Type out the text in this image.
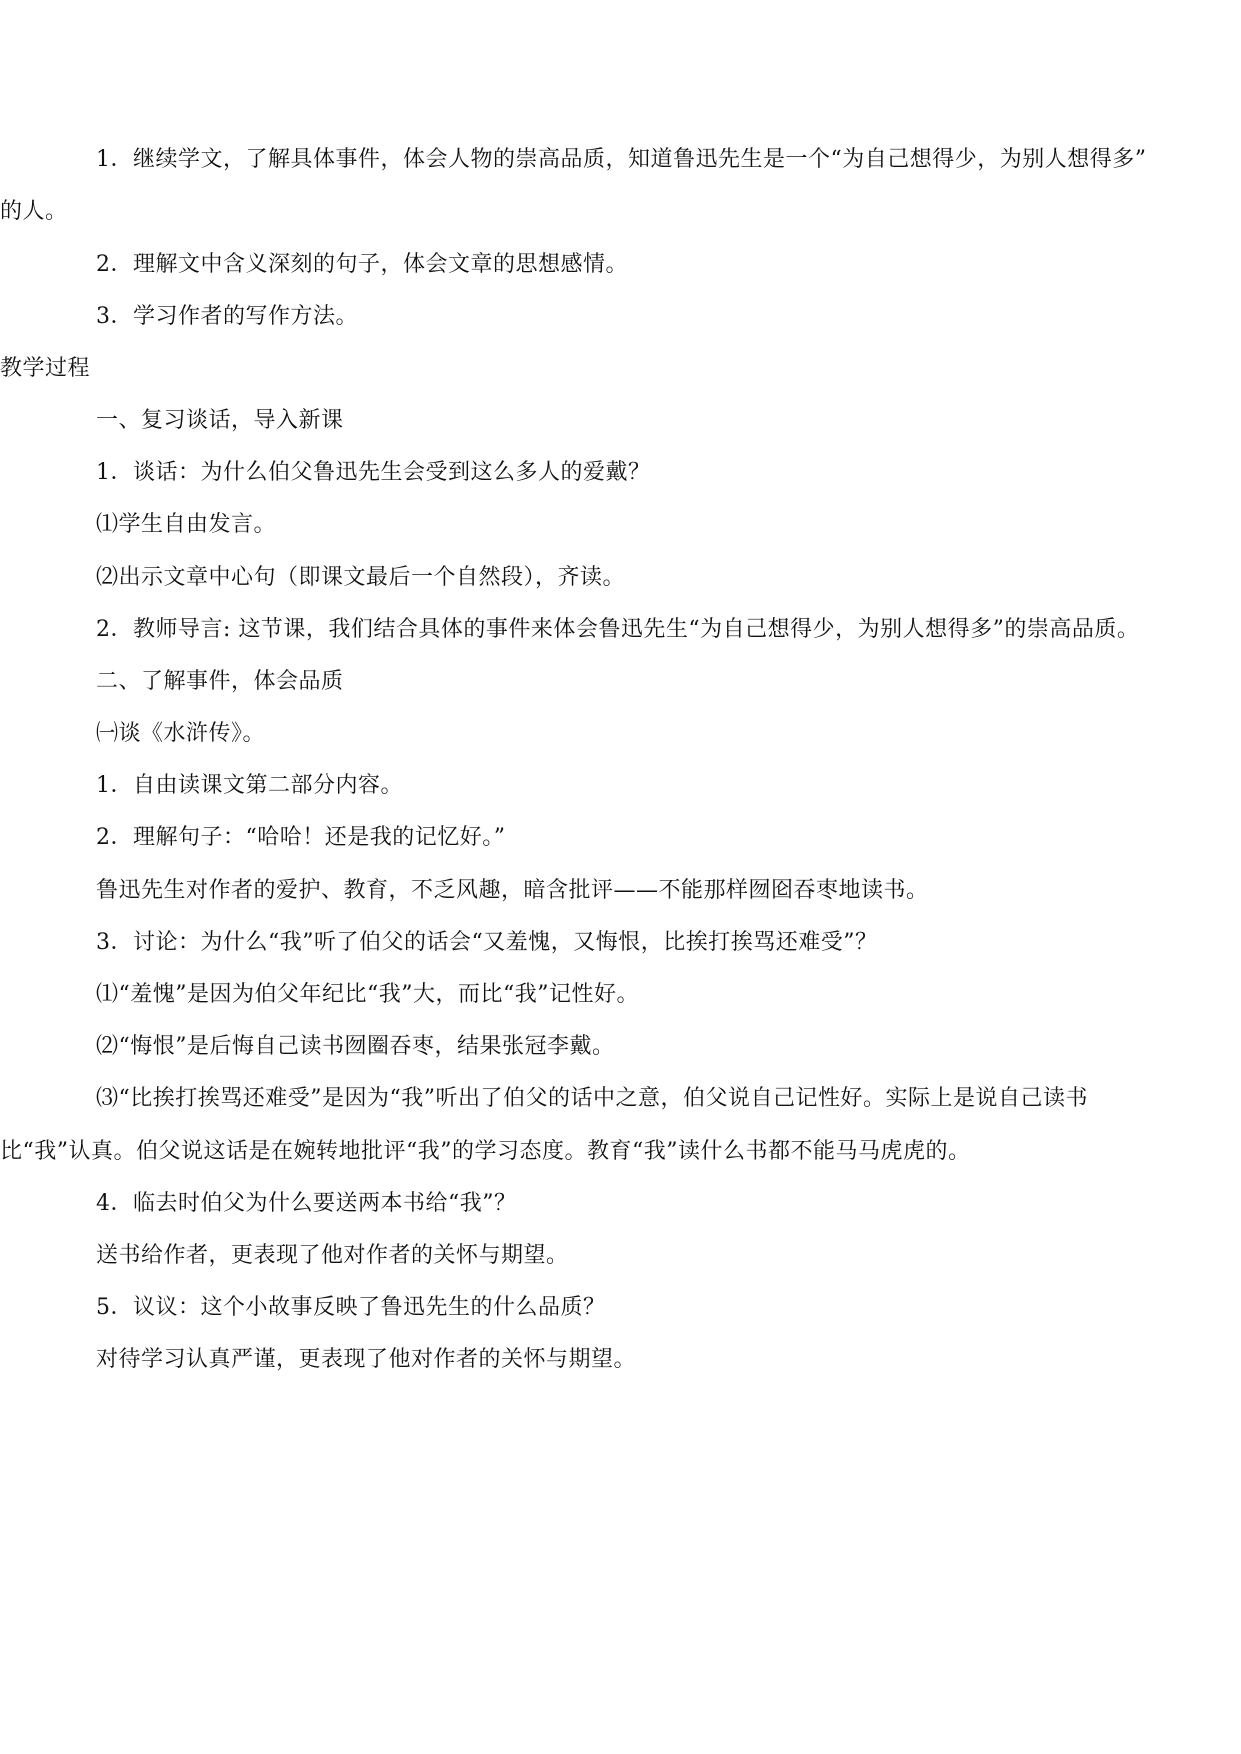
1．继续学文，了解具体事件，体会人物的崇高品质，知道鲁迅先生是一个“为自己想得少，为别人想得多”
的人。
2．理解文中含义深刻的句子，体会文章的思想感情。
3．学习作者的写作方法。
教学过程
一、复习谈话，导入新课
1．谈话：为什么伯父鲁迅先生会受到这么多人的爱戴？
⑴学生自由发言。
⑵出示文章中心句（即课文最后一个自然段），齐读。
2．教师导言: 这节课，我们结合具体的事件来体会鲁迅先生“为自己想得少，为别人想得多”的崇高品质。
二、了解事件，体会品质
㈠谈《水浒传》。
1．自由读课文第二部分内容。
2．理解句子：“哈哈！还是我的记忆好。”
鲁迅先生对作者的爱护、教育，不乏风趣，暗含批评——不能那样囫囵吞枣地读书。
3．讨论：为什么“我”听了伯父的话会“又羞愧，又悔恨，比挨打挨骂还难受”？
⑴“羞愧”是因为伯父年纪比“我”大，而比“我”记性好。
⑵“悔恨”是后悔自己读书囫圈吞枣，结果张冠李戴。
⑶“比挨打挨骂还难受”是因为“我”听出了伯父的话中之意，伯父说自己记性好。实际上是说自己读书
比“我”认真。伯父说这话是在婉转地批评“我”的学习态度。教育“我”读什么书都不能马马虎虎的。
4．临去时伯父为什么要送两本书给“我”？
送书给作者，更表现了他对作者的关怀与期望。
5．议议：这个小故事反映了鲁迅先生的什么品质？
对待学习认真严谨，更表现了他对作者的关怀与期望。
